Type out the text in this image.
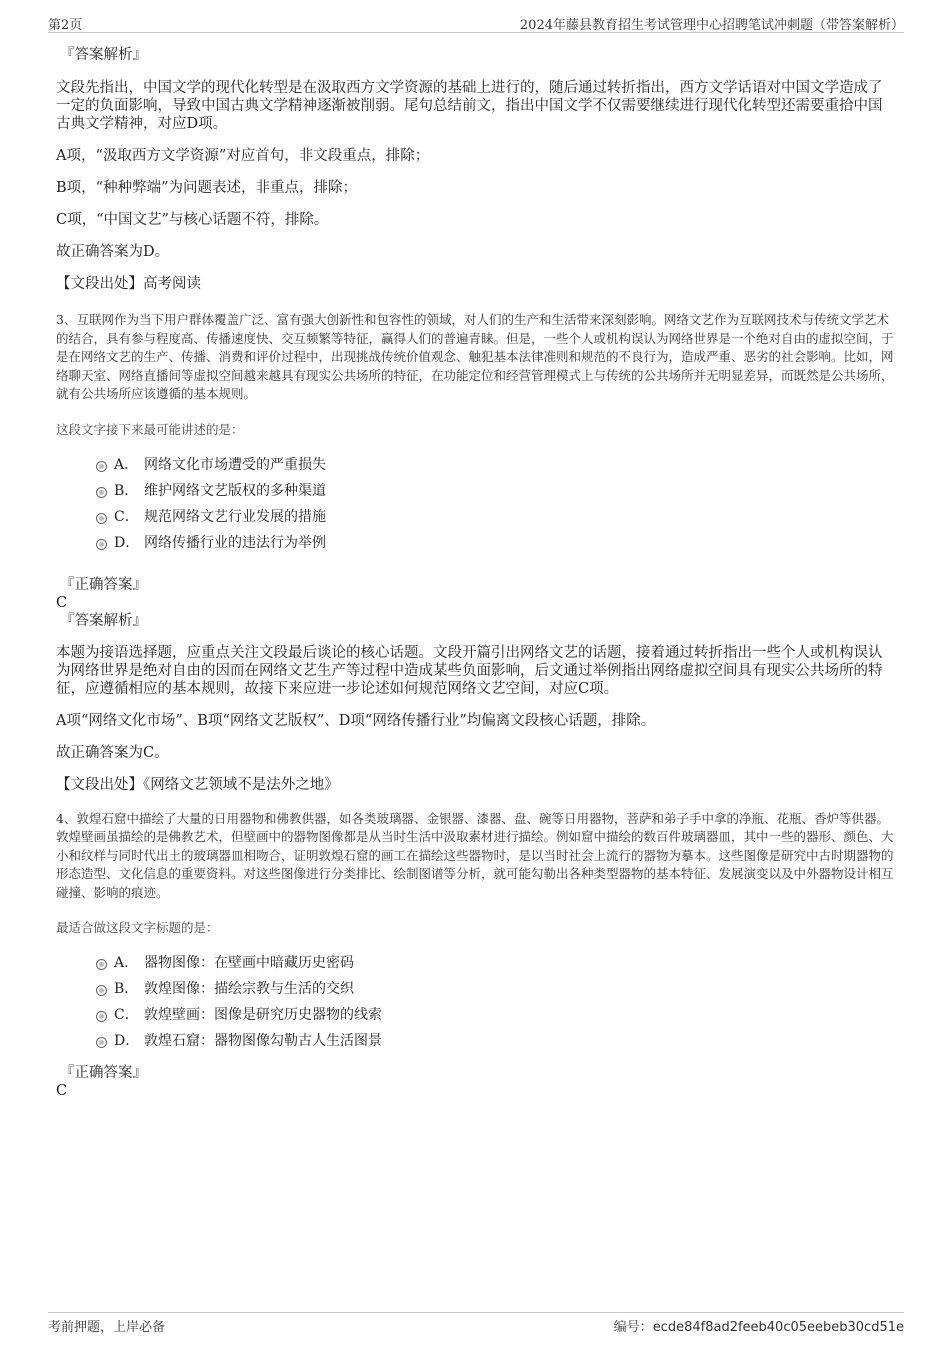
第2页	2024年藤县教育招生考试管理中心招聘笔试冲刺题（带答案解析）

『答案解析』

文段先指出，中国文学的现代化转型是在汲取西方文学资源的基础上进行的，随后通过转折指出，西方文学话语对中国文学造成了一定的负面影响，导致中国古典文学精神逐渐被削弱。尾句总结前文，指出中国文学不仅需要继续进行现代化转型还需要重拾中国古典文学精神，对应D项。

A项，“汲取西方文学资源”对应首句，非文段重点，排除；

B项，“种种弊端”为问题表述，非重点，排除；

C项，“中国文艺”与核心话题不符，排除。

故正确答案为D。

【文段出处】高考阅读

3、互联网作为当下用户群体覆盖广泛、富有强大创新性和包容性的领域，对人们的生产和生活带来深刻影响。网络文艺作为互联网技术与传统文学艺术的结合，具有参与程度高、传播速度快、交互频繁等特征，赢得人们的普遍青睐。但是，一些个人或机构误认为网络世界是一个绝对自由的虚拟空间，于是在网络文艺的生产、传播、消费和评价过程中，出现挑战传统价值观念、触犯基本法律准则和规范的不良行为，造成严重、恶劣的社会影响。比如，网络聊天室、网络直播间等虚拟空间越来越具有现实公共场所的特征，在功能定位和经营管理模式上与传统的公共场所并无明显差异，而既然是公共场所，就有公共场所应该遵循的基本规则。

这段文字接下来最可能讲述的是：

A． 网络文化市场遭受的严重损失
B． 维护网络文艺版权的多种渠道
C． 规范网络文艺行业发展的措施
D． 网络传播行业的违法行为举例

『正确答案』

C

『答案解析』

本题为接语选择题，应重点关注文段最后谈论的核心话题。文段开篇引出网络文艺的话题，接着通过转折指出一些个人或机构误认为网络世界是绝对自由的因而在网络文艺生产等过程中造成某些负面影响，后文通过举例指出网络虚拟空间具有现实公共场所的特征，应遵循相应的基本规则，故接下来应进一步论述如何规范网络文艺空间，对应C项。

A项“网络文化市场”、B项“网络文艺版权”、D项“网络传播行业”均偏离文段核心话题，排除。

故正确答案为C。

【文段出处】《网络文艺领域不是法外之地》

4、敦煌石窟中描绘了大量的日用器物和佛教供器，如各类玻璃器、金银器、漆器、盘、碗等日用器物，菩萨和弟子手中拿的净瓶、花瓶、香炉等供器。敦煌壁画虽描绘的是佛教艺术，但壁画中的器物图像都是从当时生活中汲取素材进行描绘。例如窟中描绘的数百件玻璃器皿，其中一些的器形、颜色、大小和纹样与同时代出土的玻璃器皿相吻合，证明敦煌石窟的画工在描绘这些器物时，是以当时社会上流行的器物为摹本。这些图像是研究中古时期器物的形态造型、文化信息的重要资料。对这些图像进行分类排比、绘制图谱等分析，就可能勾勒出各种类型器物的基本特征、发展演变以及中外器物设计相互碰撞、影响的痕迹。

最适合做这段文字标题的是：

A． 器物图像：在壁画中暗藏历史密码
B． 敦煌图像：描绘宗教与生活的交织
C． 敦煌壁画：图像是研究历史器物的线索
D． 敦煌石窟：器物图像勾勒古人生活图景

『正确答案』

C

考前押题，上岸必备	编号：ecde84f8ad2feeb40c05eebeb30cd51e
